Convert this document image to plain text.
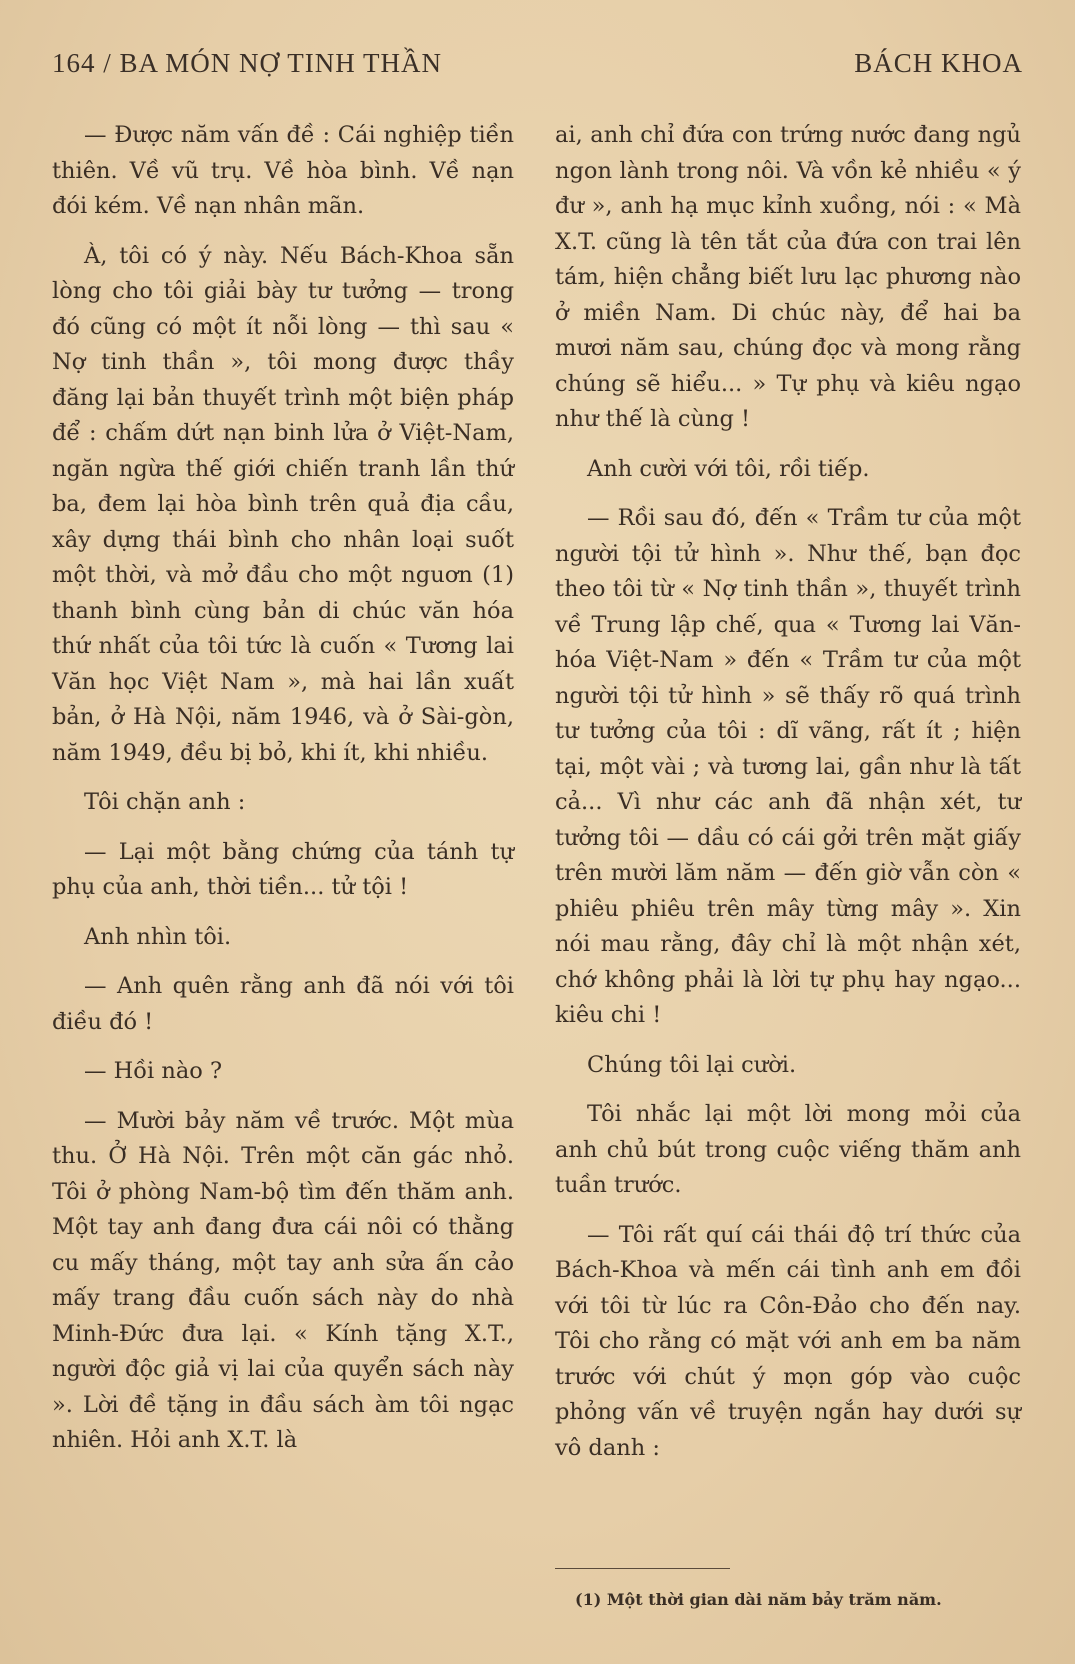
164 / BA MÓN NỢ TINH THẦN	BÁCH KHOA

— Được năm vấn đề : Cái nghiệp tiền thiên. Về vũ trụ. Về hòa bình. Về nạn đói kém. Về nạn nhân mãn.

À, tôi có ý này. Nếu Bách-Khoa sẵn lòng cho tôi giải bày tư tưởng — trong đó cũng có một ít nỗi lòng — thì sau « Nợ tinh thần », tôi mong được thầy đăng lại bản thuyết trình một biện pháp để : chấm dứt nạn binh lửa ở Việt-Nam, ngăn ngừa thế giới chiến tranh lần thứ ba, đem lại hòa bình trên quả địa cầu, xây dựng thái bình cho nhân loại suốt một thời, và mở đầu cho một nguơn (1) thanh bình cùng bản di chúc văn hóa thứ nhất của tôi tức là cuốn « Tương lai Văn học Việt Nam », mà hai lần xuất bản, ở Hà Nội, năm 1946, và ở Sài-gòn, năm 1949, đều bị bỏ, khi ít, khi nhiều.

Tôi chặn anh :

— Lại một bằng chứng của tánh tự phụ của anh, thời tiền... tử tội !

Anh nhìn tôi.

— Anh quên rằng anh đã nói với tôi điều đó !

— Hồi nào ?

— Mười bảy năm về trước. Một mùa thu. Ở Hà Nội. Trên một căn gác nhỏ. Tôi ở phòng Nam-bộ tìm đến thăm anh. Một tay anh đang đưa cái nôi có thằng cu mấy tháng, một tay anh sửa ấn cảo mấy trang đầu cuốn sách này do nhà Minh-Đức đưa lại. « Kính tặng X.T., người độc giả vị lai của quyển sách này ». Lời đề tặng in đầu sách àm tôi ngạc nhiên. Hỏi anh X.T. là

ai, anh chỉ đứa con trứng nước đang ngủ ngon lành trong nôi. Và vồn kẻ nhiều « ý đư », anh hạ mục kỉnh xuồng, nói : « Mà X.T. cũng là tên tắt của đứa con trai lên tám, hiện chẳng biết lưu lạc phương nào ở miền Nam. Di chúc này, để hai ba mươi năm sau, chúng đọc và mong rằng chúng sẽ hiểu... » Tự phụ và kiêu ngạo như thế là cùng !

Anh cười với tôi, rồi tiếp.

— Rồi sau đó, đến « Trầm tư của một người tội tử hình ». Như thế, bạn đọc theo tôi từ « Nợ tinh thần », thuyết trình về Trung lập chế, qua « Tương lai Văn-hóa Việt-Nam » đến « Trầm tư của một người tội tử hình » sẽ thấy rõ quá trình tư tưởng của tôi : dĩ vãng, rất ít ; hiện tại, một vài ; và tương lai, gần như là tất cả... Vì như các anh đã nhận xét, tư tưởng tôi — dầu có cái gởi trên mặt giấy trên mười lăm năm — đến giờ vẫn còn « phiêu phiêu trên mây từng mây ». Xin nói mau rằng, đây chỉ là một nhận xét, chớ không phải là lời tự phụ hay ngạo... kiêu chi !

Chúng tôi lại cười.

Tôi nhắc lại một lời mong mỏi của anh chủ bút trong cuộc viếng thăm anh tuần trước.

— Tôi rất quí cái thái độ trí thức của Bách-Khoa và mến cái tình anh em đồi với tôi từ lúc ra Côn-Đảo cho đến nay. Tôi cho rằng có mặt với anh em ba năm trước với chút ý mọn góp vào cuộc phỏng vấn về truyện ngắn hay dưới sự vô danh :

(1) Một thời gian dài năm bảy trăm năm.
